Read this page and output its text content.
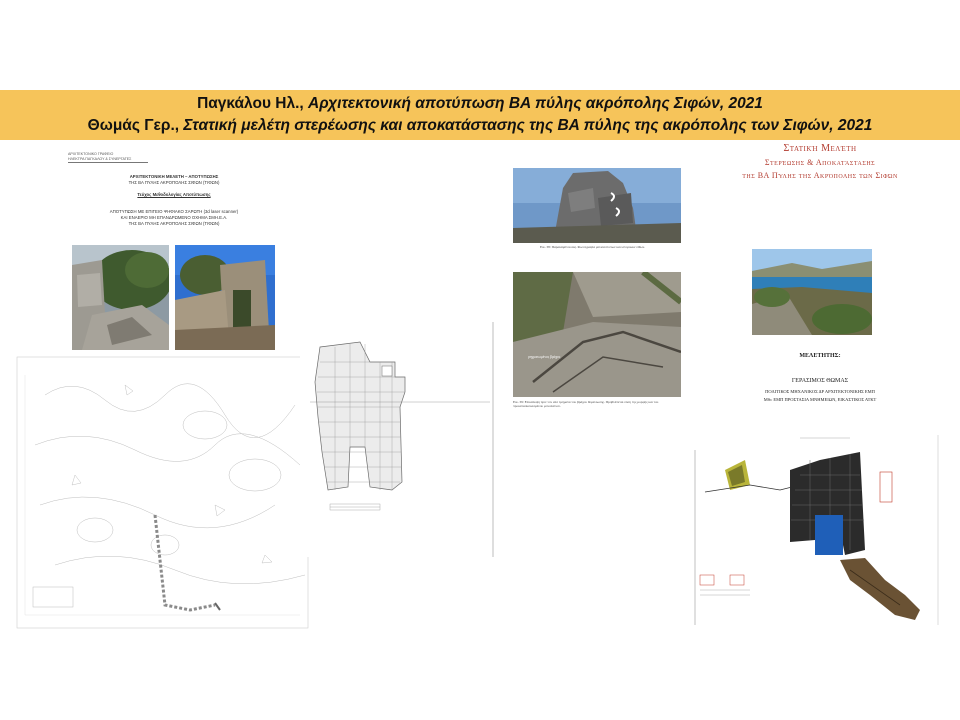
Παγκάλου Ηλ., Αρχιτεκτονική αποτύπωση ΒΑ πύλης ακρόπολης Σιφών, 2021
Θωμάς Γερ., Στατική μελέτη στερέωσης και αποκατάστασης της ΒΑ πύλης της ακρόπολης των Σιφών, 2021
ΑΡΧΙΤΕΚΤΟΝΙΚΟ ΓΡΑΦΕΙΟ
ΗΛΕΚΤΡΑ ΠΑΓΚΑΛΟΥ & ΣΥΝΕΡΓΑΤΕΣ
ΑΡΧΙΤΕΚΤΟΝΙΚΗ ΜΕΛΕΤΗ – ΑΠΟΤΥΠΩΣΗΣ
ΤΗΣ ΒΑ ΠΥΛΗΣ ΑΚΡΟΠΟΛΗΣ ΣΙΦΩΝ (ΤΙΦΩΝ)
Τεύχος Μεθοδολογίας Αποτύπωσης
ΑΠΟΤΥΠΩΣΗ ΜΕ ΕΠΙΓΕΙΟ ΨΗΦΙΑΚΟ ΣΑΡΩΤΗ (3d laser scanner)
ΚΑΙ ΕΝΑΕΡΙΟ ΜΗ ΕΠΑΝΔΡΩΜΕΝΟ ΟΧΗΜΑ ΣΜΗ.Ε.Α.
ΤΗΣ ΒΑ ΠΥΛΗΣ ΑΚΡΟΠΟΛΗΣ ΣΙΦΩΝ (ΤΙΦΩΝ)
Εικ. 38: Παρακάμπτουσας. Φωτογραφία μελισσότοπων και ιστορικών λίθων.
ρηγματωμένος βράχος
Εικ. 39: Επικάλυψη πριν τον από τμήματα του βράχου θεμελίωσης. Προβλέπεται λύση της μορφής και του προκατασκευασμένου μονοπατιού.
Στατική Μελέτη
Στερέωσης & Αποκατάστασης
της ΒΑ Πύλης της Ακρόπολης των Σιφών
ΜΕΛΕΤΗΤΗΣ:
ΓΕΡΑΣΙΜΟΣ ΘΩΜΑΣ
ΠΟΛΙΤΙΚΟΣ ΜΗΧΑΝΙΚΟΣ ΔΡ ΑΡΧΙΤΕΚΤΟΝΙΚΗΣ ΕΜΠ
MSc ΕΜΠ ΠΡΟΣΤΑΣΙΑ ΜΝΗΜΕΙΩΝ, ΕΙΚΑΣΤΙΚΟΣ ΑΤΚΤ
